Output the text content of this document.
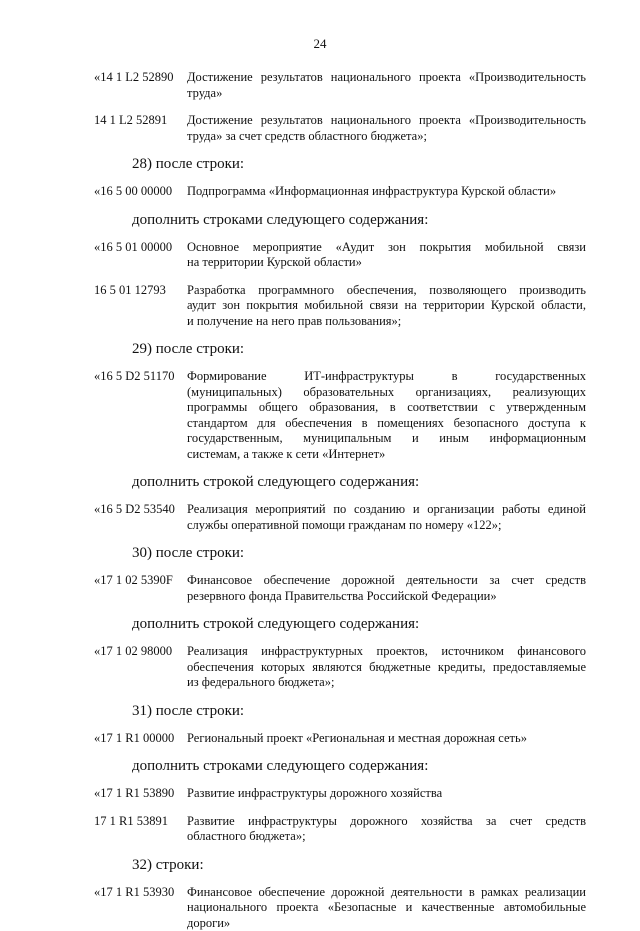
24
«14 1 L2 52890	Достижение результатов национального проекта «Производительность
труда»
14 1 L2 52891	Достижение результатов национального проекта «Производительность
труда» за счет средств областного бюджета»;
28) после строки:
«16 5 00 00000	Подпрограмма «Информационная инфраструктура Курской области»
дополнить строками следующего содержания:
«16 5 01 00000	Основное мероприятие «Аудит зон покрытия мобильной связи
на территории Курской области»
16 5 01 12793	Разработка программного обеспечения, позволяющего производить
аудит зон покрытия мобильной связи на территории Курской области,
и получение на него прав пользования»;
29) после строки:
«16 5 D2 51170	Формирование ИТ-инфраструктуры в государственных
(муниципальных) образовательных организациях, реализующих
программы общего образования, в соответствии с утвержденным
стандартом для обеспечения в помещениях безопасного доступа к
государственным, муниципальным и иным информационным
системам, а также к сети «Интернет»
дополнить строкой следующего содержания:
«16 5 D2 53540 Реализация мероприятий по созданию и организации работы единой
службы оперативной помощи гражданам по номеру «122»;
30) после строки:
«17 1 02 5390F	Финансовое обеспечение дорожной деятельности за счет средств
резервного фонда Правительства Российской Федерации»
дополнить строкой следующего содержания:
«17 1 02 98000	Реализация инфраструктурных проектов, источником финансового
обеспечения которых являются бюджетные кредиты, предоставляемые
из федерального бюджета»;
31) после строки:
«17 1 R1 00000	Региональный проект «Региональная и местная дорожная сеть»
дополнить строками следующего содержания:
«17 1 R1 53890	Развитие инфраструктуры дорожного хозяйства
17 1 R1 53891	Развитие инфраструктуры дорожного хозяйства за счет средств
областного бюджета»;
32) строки:
«17 1 R1 53930	Финансовое обеспечение дорожной деятельности в рамках реализации
национального проекта «Безопасные и качественные автомобильные
дороги»
